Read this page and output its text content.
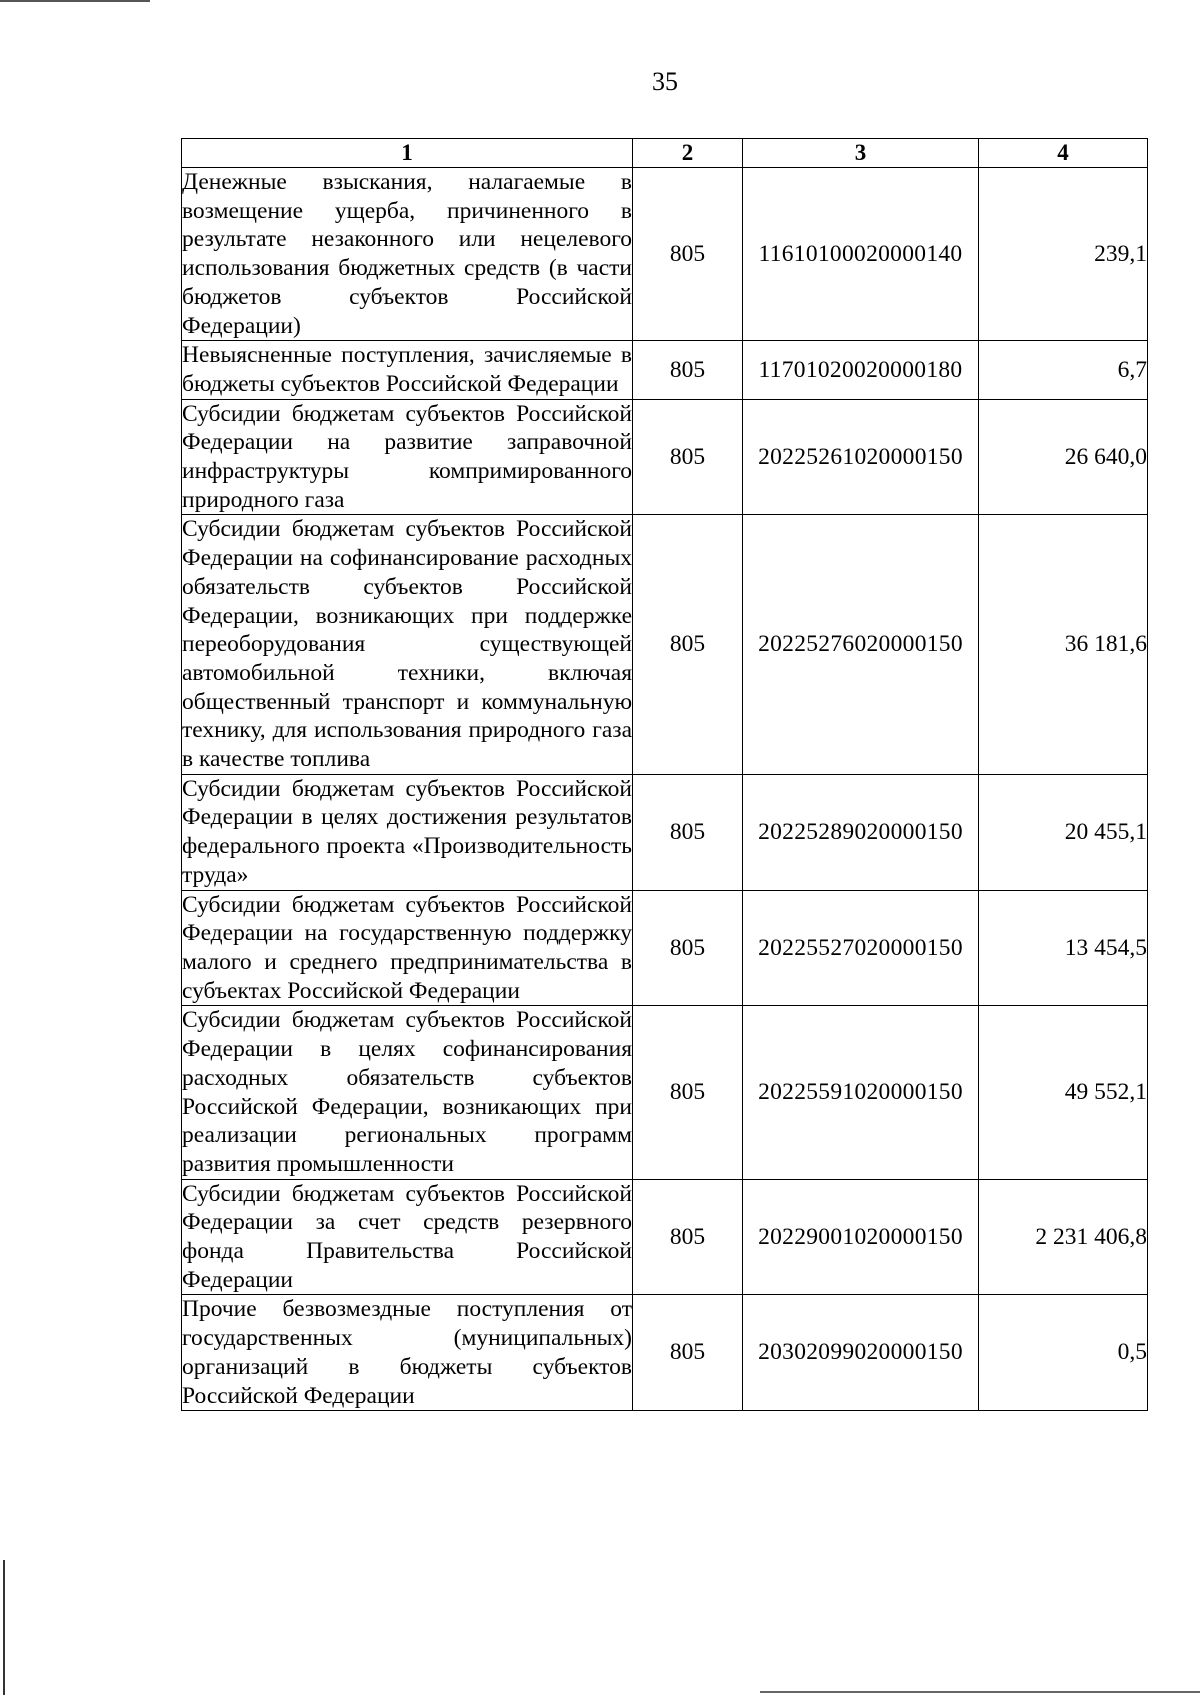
35
1	2	3	4
Денежные взыскания, налагаемые в возмещение ущерба, причиненного в результате незаконного или нецелевого использования бюджетных средств (в части бюджетов субъектов Российской Федерации)	805	11610100020000140	239,1
Невыясненные поступления, зачисляемые в бюджеты субъектов Российской Федерации	805	11701020020000180	6,7
Субсидии бюджетам субъектов Российской Федерации на развитие заправочной инфраструктуры компримированного природного газа	805	20225261020000150	26 640,0
Субсидии бюджетам субъектов Российской Федерации на софинансирование расходных обязательств субъектов Российской Федерации, возникающих при поддержке переоборудования существующей автомобильной техники, включая общественный транспорт и коммунальную технику, для использования природного газа в качестве топлива	805	20225276020000150	36 181,6
Субсидии бюджетам субъектов Российской Федерации в целях достижения результатов федерального проекта «Производительность труда»	805	20225289020000150	20 455,1
Субсидии бюджетам субъектов Российской Федерации на государственную поддержку малого и среднего предпринимательства в субъектах Российской Федерации	805	20225527020000150	13 454,5
Субсидии бюджетам субъектов Российской Федерации в целях софинансирования расходных обязательств субъектов Российской Федерации, возникающих при реализации региональных программ развития промышленности	805	20225591020000150	49 552,1
Субсидии бюджетам субъектов Российской Федерации за счет средств резервного фонда Правительства Российской Федерации	805	20229001020000150	2 231 406,8
Прочие безвозмездные поступления от государственных (муниципальных) организаций в бюджеты субъектов Российской Федерации	805	20302099020000150	0,5
